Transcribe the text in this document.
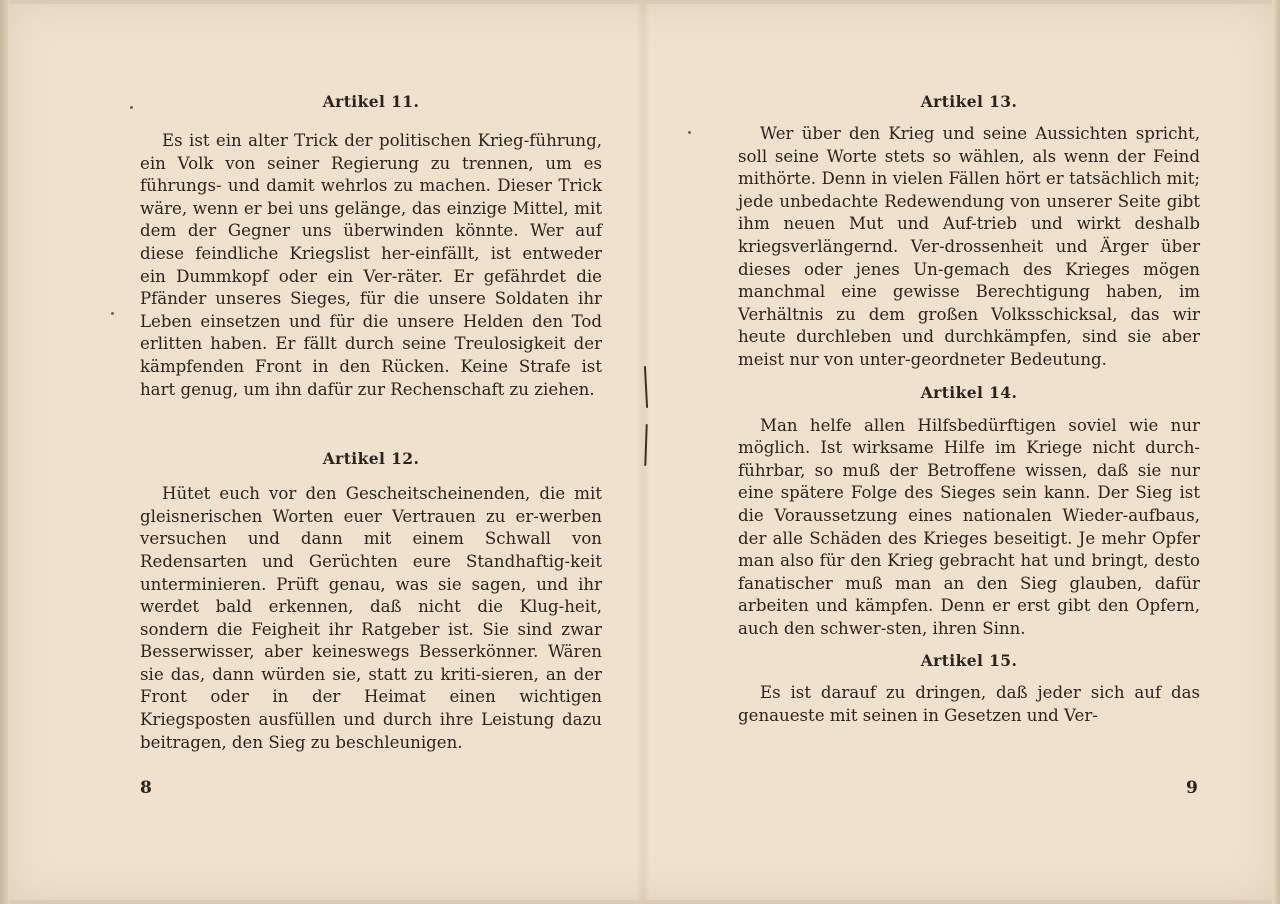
Artikel 11.

Es ist ein alter Trick der politischen Krieg-führung, ein Volk von seiner Regierung zu trennen, um es führungs- und damit wehrlos zu machen. Dieser Trick wäre, wenn er bei uns gelänge, das einzige Mittel, mit dem der Gegner uns überwinden könnte. Wer auf diese feindliche Kriegslist her-einfällt, ist entweder ein Dummkopf oder ein Ver-räter. Er gefährdet die Pfänder unseres Sieges, für die unsere Soldaten ihr Leben einsetzen und für die unsere Helden den Tod erlitten haben. Er fällt durch seine Treulosigkeit der kämpfenden Front in den Rücken. Keine Strafe ist hart genug, um ihn dafür zur Rechenschaft zu ziehen.

Artikel 12.

Hütet euch vor den Gescheitscheinenden, die mit gleisnerischen Worten euer Vertrauen zu er-werben versuchen und dann mit einem Schwall von Redensarten und Gerüchten eure Standhaftig-keit unterminieren. Prüft genau, was sie sagen, und ihr werdet bald erkennen, daß nicht die Klug-heit, sondern die Feigheit ihr Ratgeber ist. Sie sind zwar Besserwisser, aber keineswegs Besserkönner. Wären sie das, dann würden sie, statt zu kriti-sieren, an der Front oder in der Heimat einen wichtigen Kriegsposten ausfüllen und durch ihre Leistung dazu beitragen, den Sieg zu beschleunigen.

8
Artikel 13.

Wer über den Krieg und seine Aussichten spricht, soll seine Worte stets so wählen, als wenn der Feind mithörte. Denn in vielen Fällen hört er tatsächlich mit; jede unbedachte Redewendung von unserer Seite gibt ihm neuen Mut und Auf-trieb und wirkt deshalb kriegsverlängernd. Ver-drossenheit und Ärger über dieses oder jenes Un-gemach des Krieges mögen manchmal eine gewisse Berechtigung haben, im Verhältnis zu dem großen Volksschicksal, das wir heute durchleben und durchkämpfen, sind sie aber meist nur von unter-geordneter Bedeutung.

Artikel 14.

Man helfe allen Hilfsbedürftigen soviel wie nur möglich. Ist wirksame Hilfe im Kriege nicht durch-führbar, so muß der Betroffene wissen, daß sie nur eine spätere Folge des Sieges sein kann. Der Sieg ist die Voraussetzung eines nationalen Wieder-aufbaus, der alle Schäden des Krieges beseitigt. Je mehr Opfer man also für den Krieg gebracht hat und bringt, desto fanatischer muß man an den Sieg glauben, dafür arbeiten und kämpfen. Denn er erst gibt den Opfern, auch den schwer-sten, ihren Sinn.

Artikel 15.

Es ist darauf zu dringen, daß jeder sich auf das genaueste mit seinen in Gesetzen und Ver-

9
